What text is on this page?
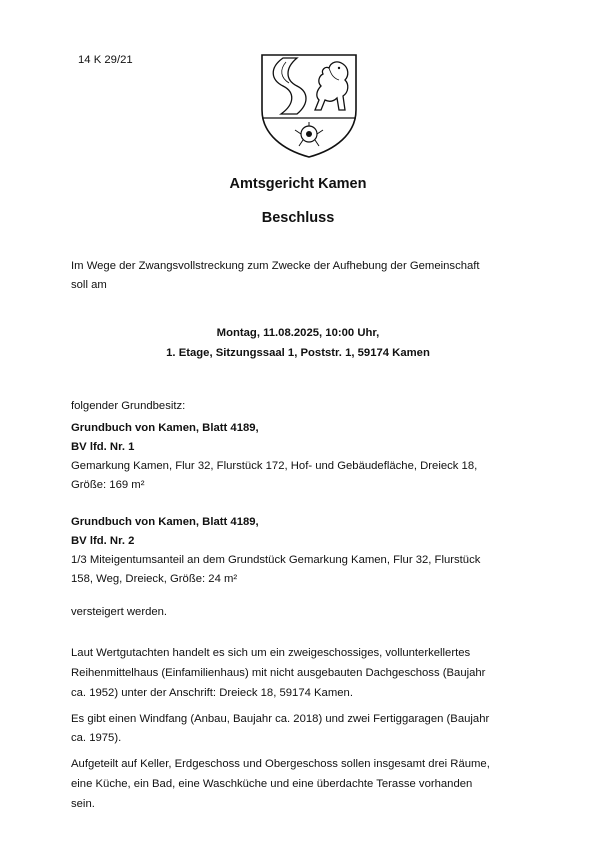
14 K 29/21
Amtsgericht Kamen
Beschluss
Im Wege der Zwangsvollstreckung zum Zwecke der Aufhebung der Gemeinschaft
soll am
Montag, 11.08.2025, 10:00 Uhr,
1. Etage, Sitzungssaal 1, Poststr. 1, 59174 Kamen
folgender Grundbesitz:
Grundbuch von Kamen, Blatt 4189,
BV lfd. Nr. 1
Gemarkung Kamen, Flur 32, Flurstück 172, Hof- und Gebäudefläche, Dreieck 18,
Größe: 169 m²
Grundbuch von Kamen, Blatt 4189,
BV lfd. Nr. 2
1/3 Miteigentumsanteil an dem Grundstück Gemarkung Kamen, Flur 32, Flurstück
158, Weg, Dreieck, Größe: 24 m²
versteigert werden.
Laut Wertgutachten handelt es sich um ein zweigeschossiges, vollunterkellertes
Reihenmittelhaus (Einfamilienhaus) mit nicht ausgebauten Dachgeschoss (Baujahr
ca. 1952) unter der Anschrift: Dreieck 18, 59174 Kamen.
Es gibt einen Windfang (Anbau, Baujahr ca. 2018) und zwei Fertiggaragen (Baujahr
ca. 1975).
Aufgeteilt auf Keller, Erdgeschoss und Obergeschoss sollen insgesamt drei Räume,
eine Küche, ein Bad, eine Waschküche und eine überdachte Terasse vorhanden
sein.
